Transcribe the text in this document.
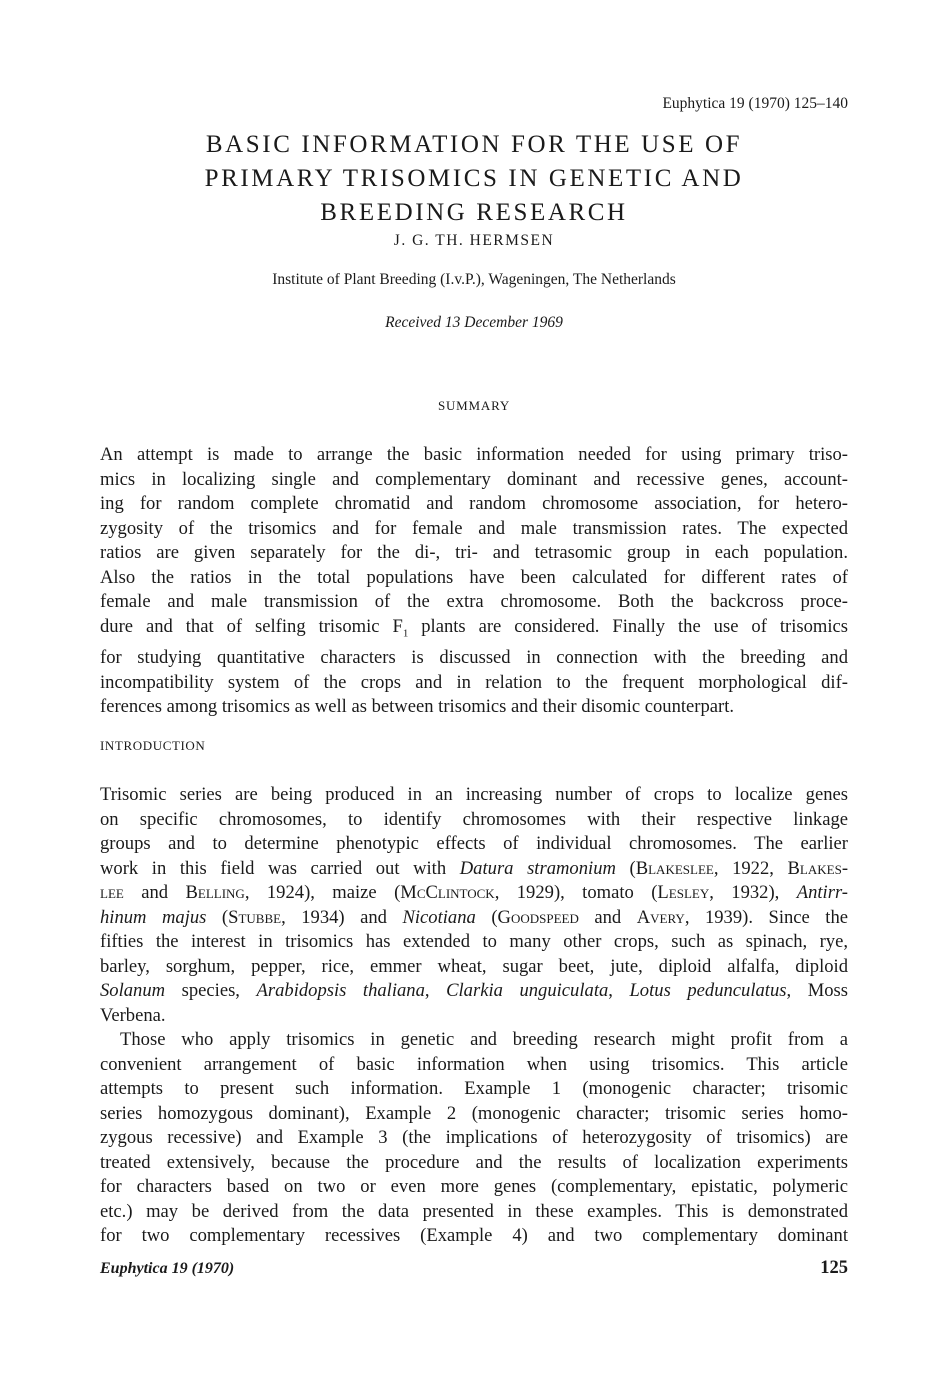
Euphytica 19 (1970) 125–140
BASIC INFORMATION FOR THE USE OF
PRIMARY TRISOMICS IN GENETIC AND
BREEDING RESEARCH
J. G. TH. HERMSEN
Institute of Plant Breeding (I.v.P.), Wageningen, The Netherlands
Received 13 December 1969
SUMMARY
An attempt is made to arrange the basic information needed for using primary triso-
mics in localizing single and complementary dominant and recessive genes, account-
ing for random complete chromatid and random chromosome association, for hetero-
zygosity of the trisomics and for female and male transmission rates. The expected
ratios are given separately for the di-, tri- and tetrasomic group in each population.
Also the ratios in the total populations have been calculated for different rates of
female and male transmission of the extra chromosome. Both the backcross proce-
dure and that of selfing trisomic $F_1$ plants are considered. Finally the use of trisomics
for studying quantitative characters is discussed in connection with the breeding and
incompatibility system of the crops and in relation to the frequent morphological dif-
ferences among trisomics as well as between trisomics and their disomic counterpart.
INTRODUCTION
Trisomic series are being produced in an increasing number of crops to localize genes
on specific chromosomes, to identify chromosomes with their respective linkage
groups and to determine phenotypic effects of individual chromosomes. The earlier
work in this field was carried out with Datura stramonium (Blakeslee, 1922, Blakes-
lee and Belling, 1924), maize (McClintock, 1929), tomato (Lesley, 1932), Antirr-
hinum majus (Stubbe, 1934) and Nicotiana (Goodspeed and Avery, 1939). Since the
fifties the interest in trisomics has extended to many other crops, such as spinach, rye,
barley, sorghum, pepper, rice, emmer wheat, sugar beet, jute, diploid alfalfa, diploid
Solanum species, Arabidopsis thaliana, Clarkia unguiculata, Lotus pedunculatus, Moss
Verbena.
Those who apply trisomics in genetic and breeding research might profit from a
convenient arrangement of basic information when using trisomics. This article
attempts to present such information. Example 1 (monogenic character; trisomic
series homozygous dominant), Example 2 (monogenic character; trisomic series homo-
zygous recessive) and Example 3 (the implications of heterozygosity of trisomics) are
treated extensively, because the procedure and the results of localization experiments
for characters based on two or even more genes (complementary, epistatic, polymeric
etc.) may be derived from the data presented in these examples. This is demonstrated
for two complementary recessives (Example 4) and two complementary dominant
Euphytica 19 (1970)	125
